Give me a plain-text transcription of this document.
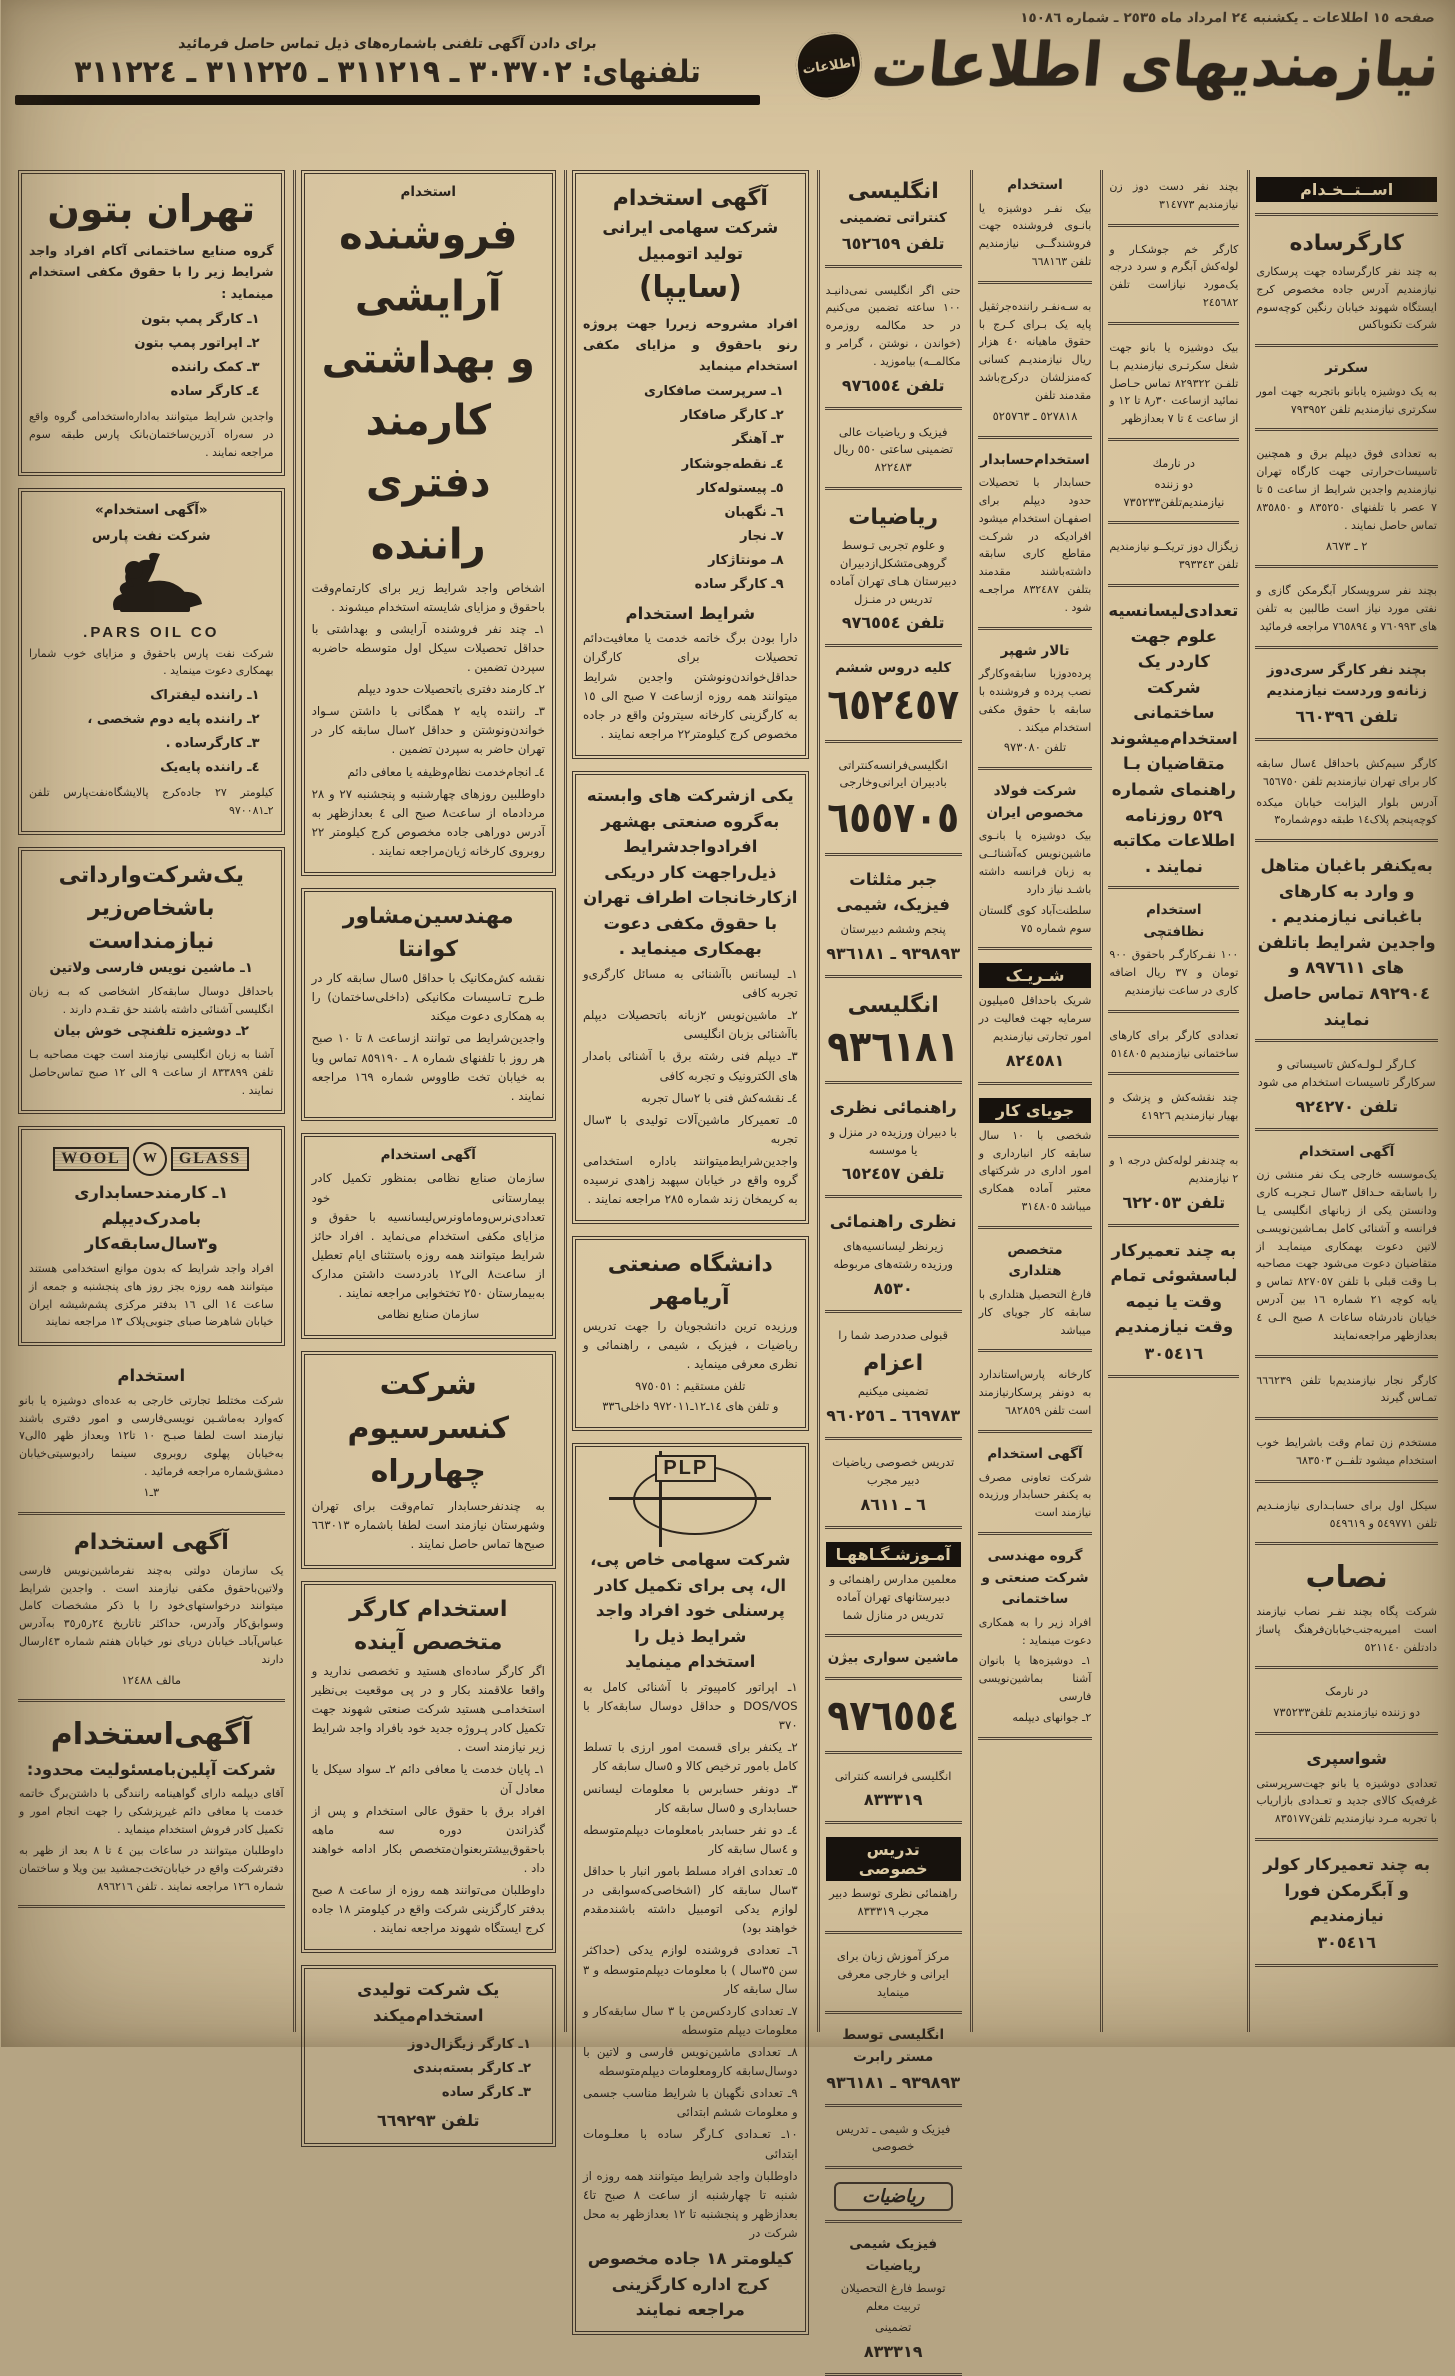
صفحه ١٥ اطلاعات ـ یکشنبه ٢٤ امرداد ماه ٢٥٣٥ ـ شماره ١٥٠٨٦
نیازمندیهای اطلاعات
اطلاعات
برای دادن آگهی تلفنی باشماره‌های ذیل تماس حاصل فرمائید
تلفنهای: ٣٠٣٧٠٢ ـ ٣١١٢١٩ ـ ٣١١٢٢٥ ـ ٣١١٢٢٤
اســتــخـدام
کارگرساده
به چند نفر کارگرساده جهت پرسکاری نیازمندیم آدرس جاده مخصوص کرج ایستگاه شهوند خیابان رنگین کوچه‌سوم شرکت تکنوباکس
سکرتر
به یک دوشیزه یابانو باتجربه جهت امور سکرتری نیازمندیم تلفن ٧٩٣٩٥٢
به تعدادی فوق دیپلم برق و همچنین تاسیسات‌حرارتی جهت کارگاه تهران نیازمندیم واجدین شرایط از ساعت ٥ تا ٧ عصر با تلفنهای ٨٣٥٢٥٠ و ٨٣٥٨٥٠ تماس حاصل نمایند .
٢ ـ ٨٦٧٣
بچند نفر سرویسکار آبگرمکن گازی و نفتی مورد نیاز است طالبین به تلفن های ٧٦٠٩٩٣ و ٧٦٥٨٩٤ مراجعه فرمائید
بچند نفر کارگر سری‌دوز زنانه‌و وردست نیازمندیم
تلفن ٦٦٠٣٩٦
کارگر سیم‌کش باحداقل ٤سال سابقه کار برای تهران نیازمندیم تلفن ٦٥٦٧٥٠
آدرس بلوار الیزابت خیابان میکده کوچه‌پنجم پلاک١٤ طبقه دوم‌شماره٣
به‌یکنفر باغبان متاهل و وارد به کارهای باغبانی نیازمندیم .
واجدین شرایط باتلفن های ٨٩٧٦١١ و ٨٩٢٩٠٤ تماس حاصل نمایند
کـارگر لـولـه‌کش تاسیساتی و سرکارگر تاسیسات استخدام می شود
تلفن ٩٢٤٢٧٠
آگهی استخدام
یک‌موسسه خارجی یـک نفر منشی زن را باسابقه حـداقل ٣سال تـجربـه کاری ودانستن یکی از زبانهای انگلیسی یـا فرانسه و آشنائی کامل بمـاشین‌نویسـی لاتین دعوت بهمکاری مینمایـد از متقاضیان دعوت می‌شود جهت مصاحبه بـا وقت قبلی با تلفن ٨٢٧٠٥٧ تماس و یابه کوچه ٢١ شماره ١٦ بین آدرس خیابان نادرشاه ساعات ٨ صبح الـی ٤ بعدازظهر مراجعه‌نمایند
کارگر نجار نیازمندیم‌با تلفن ٦٦٦٢٣٩ تمـاس گیرند
مستخدم زن تمام وقت باشرایط خوب استخدام میشود تلفــن ٦٨٣٥٠٣
سیکل اول برای حسابـداری نیازمنـدیم تلفن ٥٤٩٧٧١ و ٥٤٩٦١٩
نصاب
شرکت پگاه بچند نفـر نصاب نیازمند است امیریه‌جنب‌خیابان‌فرهنگ پاساژ دادتلفن ٥٢١١٤٠
در نارمک
دو زننده نیازمندیم تلفن٧٣٥٢٣٣
شواسپری
تعدادی دوشیزه یا بانو جهت‌سرپرستی غرفه‌یک کالای جدید و تعـدادی بازاریاب با تجربه مـرد نیازمندیم تلفن٨٣٥١٧٧
به چند تعمیرکار کولر و آبگرمکن فورا نیازمندیم
٣٠٥٤١٦
بچند نفر دست دوز زن نیازمندیم ٣١٤٧٧٣
کارگر خم جوشکـار و لوله‌کش آبگرم و سرد درجه یک‌مورد نیازاست تلفن ٢٤٥٦٨٢
بیک دوشیزه یا بانو جهت شغل سکرتـری نیازمندیم بـا تلفـن ٨٢٩٣٢٢ تماس حـاصل نمائید ازساعت ٣٠ر٨ تا ١٢ و از ساعت ٤ تا ٧ بعدازظهر
در نارمك
دو زننده نیازمندیم‌تلفن٧٣٥٢٣٣
زیگزال دوز تریکــو نیازمندیم تلفن ٣٩٣٣٤٣
تعدادی‌لیسانسیه علوم جهت کاردر یک شرکت ساختمانی استخدام‌میشوند متقاضیان بـا راهنمای شماره ٥٢٩ روزنامه اطلاعات مکاتبه نمایند .
استخدام
نظافتچی
١٠٠ نفـرکارگـر باحقوق ٩٠٠ تومان و ٣٧ ریال اضافه کاری در ساعت نیازمندیم
تعدادی کارگر برای کارهای ساختمانی نیازمندیم ٥١٤٨٠٥
چند نقشه‌کش و پزشک و بهیار نیازمندیم ٤١٩٢٦
به چندنفر لوله‌کش درجه ١ و ٢ نیازمندیم
تلفن ٦٢٢٠٥٣
به چند تعمیرکار لباسشوئی تمام وقت یا نیمه وقت نیازمندیم
٣٠٥٤١٦
استخدام
بیک نفـر دوشیزه یا بانـوی فروشنده جهت فروشندگــی نیازمندیم تلفن ٦٦٨١٦٣
به سـه‌نفـر راننده‌جرثقیل پایه یک بـرای کـرج با حقوق ماهیانه ٤٠ هزار ریال نیازمندیـم کسانی که‌منزلشان درکرج‌باشد مقدمند تلفن
٥٢٧٨١٨ ـ ٥٢٥٧٦٣
استخدام‌حسابدار
حسابدار با تحصیلات حدود دیپلم برای اصفهـان استخدام میشود افرادیکه در شرکـت مقاطع کاری سابقه داشته‌باشند مقدمند بتلفن ٨٣٢٤٨٧ مراجعـه شود .
تالار شهپر
پرده‌دوزبا سابقه‌وکارگر نصب پرده و فروشنده با سابقه با حقوق مکفی استخدام میکند .
تلفن ٩٧٣٠٨٠
شرکت فولاد
مخصوص ایران
بیک دوشیزه یا بانـوی ماشین‌نویس که‌آشنائــی به زبان فرانسه داشته باشـد نیاز دارد
سلطنت‌آباد کوی گلستان سوم شماره ٧٥
شـریـک
شریک باحداقل ٥میلیون سرمایه جهت فعالیت در امور تجارتی نیازمندیم
٨٢٤٥٨١
جویای کار
شخصی با ١٠ سال سابقه کار انبارداری و امور اداری در شرکتهای معتبر آماده همکاری میباشد ٣١٤٨٠٥
متخصص هتلداری
فارغ التحصیل هتلداری با سابقه کار جویای کار میباشد
کارخانه پارس‌استاندارد به دونفر پرسکارنیازمند است تلفن ٦٨٢٨٥٩
آگهی استخدام
شرکت تعاونی مصرف به یکنفر حسابدار ورزیده نیازمند است
گروه مهندسی
شرکت صنعتی و
ساختمانی
افراد زیر را به همکاری دعوت مینماید :
١ـ دوشیزه‌ها یا بانوان آشنا بماشین‌نویسی فارسی
٢ـ جوانهای دیپلمه
انگلیسی
کنتراتی تضمینی
تلفن ٦٥٢٦٥٩
حتی اگر انگلیسی نمی‌دانیـد ١٠٠ ساعته تضمین می‌کنیم در حد مکالمه روزمره (خواندن ، نوشتن ، گرامر و مکالمــه) بیاموزید .
تلفن ٩٧٦٥٥٤
فیزیک و ریاضیات عالی تضمینی ساعتی ٥٥٠ ریال ٨٢٢٤٨٣
ریاضیات
و علوم تجربی تـوسط گروهی‌متشکل‌ازدبیران دبیرستان هـای تهران آماده تدریس در منـزل
تلفن ٩٧٦٥٥٤
کلیه دروس ششم
٦٥٢٤٥٧
انگلیسی‌فرانسه‌کنتراتی بادبیران ایرانی‌وخارجی
٦٥٥٧٠٥
جبر مثلثات
فیزیک، شیمی
پنجم وششم دبیرستان
٩٣٩٨٩٣ ـ ٩٣٦١٨١
انگلیسی
٩٣٦١٨١
راهنمائی نظری
با دبیران ورزیده در منزل و یا موسسه
تلفن ٦٥٢٤٥٧
نظری راهنمائی
زیرنظر لیسانسیه‌های ورزیده رشته‌های مربوطه
٨٥٣٠
قبولی صددرصد شما را
اعزام
تضمینی میکنیم
٦٦٩٧٨٣ ـ ٩٦٠٢٥٦
تدریس خصوصی ریاضیات دبیر مجرب
٦ ـ ٨٦١١
آمـوزشـگـاههـا
معلمین مدارس راهنمائی و دبیرستانهای تهران آماده تدریس در منازل شما
ماشین سواری بیژن
٩٧٦٥٥٤
انگلیسی فرانسه کنتراتی
٨٣٣٣١٩
تدریس خصوصی
راهنمائی نظری توسط دبیر مجرب ٨٣٣٣١٩
مرکز آموزش زبان برای ایرانی و خارجی معرفی مینماید
انگلیسی توسط
مستر رابرت
٩٣٩٨٩٣ ـ ٩٣٦١٨١
فیزیک و شیمی ـ تدریس خصوصی
ریاضیات
فیزیک شیمی
ریاضیات
توسط فارغ التحصیلان تربیت معلم
تضمینی
٨٣٣٣١٩
آگهی استخدام
شرکت سهامی ایرانی
تولید اتومبیل
(سایپا)
افراد مشروحه زیررا جهت پروژه رنو باحقوق و مزایای مکفی استخدام مینماید
١ـ سرپرست صافکاری
٢ـ کارگر صافکار
٣ـ آهنگر
٤ـ نقطه‌جوشکار
٥ـ پیستوله‌کار
٦ـ نگهبان
٧ـ نجار
٨ـ مونتاژکار
٩ـ کارگر ساده
شرایط استخدام
دارا بودن برگ خاتمه خدمت یا معافیت‌دائم تحصیلات برای کارگران حداقل‌خواندن‌ونوشتن واجدین شرایط میتوانند همه روزه ازساعت ٧ صبح الی ١٥ به کارگزینی کارخانه سیتروئن واقع در جاده مخصوص کرج کیلومتر٢٢ مراجعه نمایند .
یکی ازشرکت های وابسته به‌گروه صنعتی بهشهر افرادواجدشرایط ذیل‌راجهت کار دریکی ازکارخانجات اطراف تهران با حقوق مکفی دعوت بهمکاری مینماید .
١ـ لیسانس باآشنائی به مسائل کارگری‌و تجربه کافی
٢ـ ماشین‌نویس ٢زبانه باتحصیلات دیپلم باآشنائی بزبان انگلیسی
٣ـ دیپلم فنی رشته برق با آشنائی بامدار های الکترونیک و تجربه کافی
٤ـ نقشه‌کش فنی با ٢سال تجربه
٥ـ تعمیرکار ماشین‌آلات تولیدی با ٣سال تجربه
واجدین‌شرایط‌میتوانند باداره استخدامی گروه واقع در خیابان سپهبد زاهدی نرسیده به کریمخان زند شماره ٢٨٥ مراجعه نمایند .
دانشگاه صنعتی آریامهر
ورزیده ترین دانشجویان را جهت تدریس ریاضیات ، فیزیک ، شیمی ، راهنمائی و نظری معرفی مینماید .
تلفن مستقیم : ٩٧٥٠٥١
و تلفن های ١٤ـ١٢ـ٩٧٢٠١١ داخلی٣٣٦
PLP
شرکت سهامی خاص پی، ال، پی برای تکمیل کادر پرسنلی خود افراد واجد شرایط ذیل را
استخدام مینماید
١ـ اپراتور کامپیوتر با آشنائی کامل به DOS/VOS و حداقل دوسال سابقه‌کار با ٣٧٠
٢ـ یکنفر برای قسمت امور ارزی با تسلط کامل بامور ترخیص کالا و ٥سال سابقه کار
٣ـ دونفر حسابرس با معلومات لیسانس حسابداری و ٥سال سابقه کار
٤ـ دو نفر حسابدر بامعلومات دیپلم‌متوسطه و ٤سال سابقه کار
٥ـ تعدادی افراد مسلط بامور انبار با حداقل ٣سال سابقه کار (اشخاصی‌که‌سوابقی در لوازم یدکی اتومبیل داشته باشندمقدم خواهند بود)
٦ـ تعدادی فروشنده لوازم یدکی (حداکثر سن ٣٥سال ) با معلومات دیپلم‌متوسطه و ٣ سال سابقه کار
٧ـ تعدادی کاردکس‌من با ٣ سال سابقه‌کار و معلومات دیپلم متوسطه
٨ـ تعدادی ماشین‌نویس فارسی و لاتین با دوسال‌سابقه کارومعلومات دیپلم‌متوسطه
٩ـ تعدادی نگهبان با شرایط مناسب جسمی و معلومات ششم ابتدائی
١٠ـ تعـدادی کـارگر ساده با معلـومات ابتدائی
داوطلبان واجد شرایط میتوانند همه روزه از شنبه تا چهارشنبه از ساعت ٨ صبح تا٤ بعدازظهر و پنجشنبه تا ١٢ بعدازظهر به محل شرکت در
کیلومتر ١٨ جاده مخصوص کرج اداره کارگزینی مراجعه نمایند
استخدام
فروشنده
آرایشی
و بهداشتی
کارمند
دفتری
راننده
اشخاص واجد شرایط زیر برای کارتمام‌وقت باحقوق و مزایای شایسته استخدام میشوند .
١ـ چند نفر فروشنده آرایشی و بهداشتی با حداقل تحصیلات سیکل اول متوسطه حاضربه سپردن تضمین .
٢ـ کارمند دفتری باتحصیلات حدود دیپلم
٣ـ راننده پایه ٢ همگانی با داشتن سـواد خواندن‌ونوشتن و حداقل ٢سال سابقه کار در تهران حاضر به سپردن تضمین .
٤ـ انجام‌خدمت نظام‌وظیفه یا معافی دائم
داوطلبین روزهای چهارشنبه و پنجشنبه ٢٧ و ٢٨ مردادماه از ساعت٨ صبح الی ٤ بعدازظهر به آدرس دوراهی جاده مخصوص کرج کیلومتر ٢٢ روبروی کارخانه ژیان‌مراجعه نمایند .
مهندسین‌مشاور کوانتا
نقشه کش‌مکانیک با حداقل ٥سال سابقه کار در طـرح تـاسیسات مکانیکی (داخلی‌ساختمان) را به همکاری دعوت میکند
واجدین‌شرایط می توانند ازساعت ٨ تا ١٠ صبح هر روز با تلفنهای شماره ٨ ـ ٨٥٩١٩٠ تماس ویا به خیابان تخت طاووس شماره ١٦٩ مراجعه نمایند .
آگهی استخدام
سازمان صنایع نظامی بمنظور تکمیل کادر بیمارستانی خود تعدادی‌نرس‌وماماونرس‌لیسانسیه با حقوق و مزایای مکفی استخدام می‌نماید . افراد حائز شرایط میتوانند همه روزه باستثنای ایام تعطیل از ساعت٨ الی١٢ بادردست داشتن مدارک به‌بیمارستان ٢٥٠ تختخوابی مراجعه نمایند .
سازمان صنایع نظامی
شرکت کنسرسیوم
چهارراه
به چندنفرحسابدار تمام‌وقت برای تهران وشهرستان نیازمند است لطفا باشماره ٦٦٣٠١٣ صبح‌ها تماس حاصل نمایند .
استخدام کارگر
متخصص آینده
اگر کارگر ساده‌ای هستید و تخصصی ندارید و واقعا علاقمند بکار و در پی موقعیت بی‌نظیر استخدامـی هستید شرکت صنعتی شهوند جهت تکمیل کادر پـروژه جدید خود بافراد واجد شرایط زیر نیازمند است .
١ـ پایان خدمت یا معافی دائم ٢ـ سواد سیکل یا معادل آن
افراد برق با حقوق عالی استخدام و پس از گذراندن دوره سه ماهه باحقوق‌بیشتربعنوان‌متخصص بکار ادامه خواهند داد .
داوطلبان می‌توانند همه روزه از ساعت ٨ صبح بدفتر کارگزینی شرکت واقع در کیلومتر ١٨ جاده کرج ایستگاه شهوند مراجعه نمایند .
یک شرکت تولیدی استخدام‌میکند
١ـ کارگر زیگزال‌دوز
٢ـ کارگر بسته‌بندی
٣ـ کارگر ساده
تلفن ٦٦٩٢٩٣
تهران بتون
گروه صنایع ساختمانی آکام افراد واجد شرایط زیر را با حقوق مکفی استخدام مینماید :
١ـ کارگر پمپ بتون
٢ـ اپراتور پمپ بتون
٣ـ کمک راننده
٤ـ کارگر ساده
واجدین شرایط میتوانند به‌اداره‌استخدامی گروه واقع در سه‌راه آذرین‌ساختمان‌بانک پارس طبقه سوم مراجعه نمایند .
«آگهی استخدام»
شرکت نفت پارس
PARS OIL CO.
شرکت نفت پارس باحقوق و مزایای خوب شمارا بهمکاری دعوت مینماید .
١ـ راننده لیفتراک
٢ـ راننده پایه دوم شخصی ،
٣ـ کارگرساده .
٤ـ راننده پایه‌یک
کیلومتر ٢٧ جاده‌کرج پالایشگاه‌نفت‌پارس تلفن ٢ـ٩٧٠٠٨١
یک‌شرکت‌وارداتی
باشخاص‌زیر
نیازمنداست
١ـ ماشین نویس فارسی ولاتین
باحداقل دوسال سابقه‌کار اشخاصی که بـه زبان انگلیسی آشنائی داشته باشند حق تقـدم دارند .
٢ـ دوشیزه تلفنچی خوش بیان
آشنا به زبان انگلیسی نیازمند است جهت مصاحبه بـا تلفن ٨٣٣٨٩٩ از ساعت ٩ الی ١٢ صبح تماس‌حاصل نمایند .
GLASS
W
WOOL
١ـ کارمندحسابداری
بامدرک‌دیپلم
و٣سال‌سابقه‌کار
افراد واجد شرایط که بدون موانع استخدامی هستند میتوانند همه روزه بجز روز های پنجشنبه و جمعه از ساعت ١٤ الی ١٦ بدفتر مرکزی پشم‌شیشه ایران خیابان شاهرضا صبای جنوبی‌پلاک ١٣ مراجعه نمایند
استخدام
شرکت مختلط تجارتی خارجی به عده‌ای دوشیزه یا بانو که‌وارد به‌ماشـین نویسی‌فارسی و امور دفتری باشند نیازمند است لطفا صبـح ١٠ تا١٢ وبعداز ظهر ٥الی٧ به‌خیابان پهلوی روبروی سینما رادیوسیتی‌خیابان دمشق‌شماره مراجعه فرمائید .
٣ـ١
آگهی استخدام
یک سازمان دولتی به‌چند نفرماشین‌نویس فارسی ولاتین‌باحقوق مکفی نیازمند است . واجدین شرایط میتوانند درخواستهای‌خود را با ذکر مشخصات کامل وسوابق‌کار وآدرس، حداکثر تاتاریخ ٢٤ر٥ر٣٥ به‌آدرس عباس‌آبادـ خیابان دریای نور خیابان هفتم شماره ٤٣ارسال دارند
مالف ١٢٤٨٨
آگهی‌استخدام
شرکت آپلین‌بامسئولیت محدود:
آقای دیپلمه دارای گواهینامه رانندگی با داشتن‌برگ خاتمه خدمت یا معافی دائم غیرپزشکی را جهت انجام امور و تکمیل کادر فروش استخدام مینماید .
داوطلبان میتوانند در ساعات بین ٤ تا ٨ بعد از ظهر به دفترشرکت واقع در خیابان‌تخت‌جمشید بین ویلا و ساختمان شماره ١٢٦ مراجعه نمایند . تلفن ٨٩٦٢١٦
